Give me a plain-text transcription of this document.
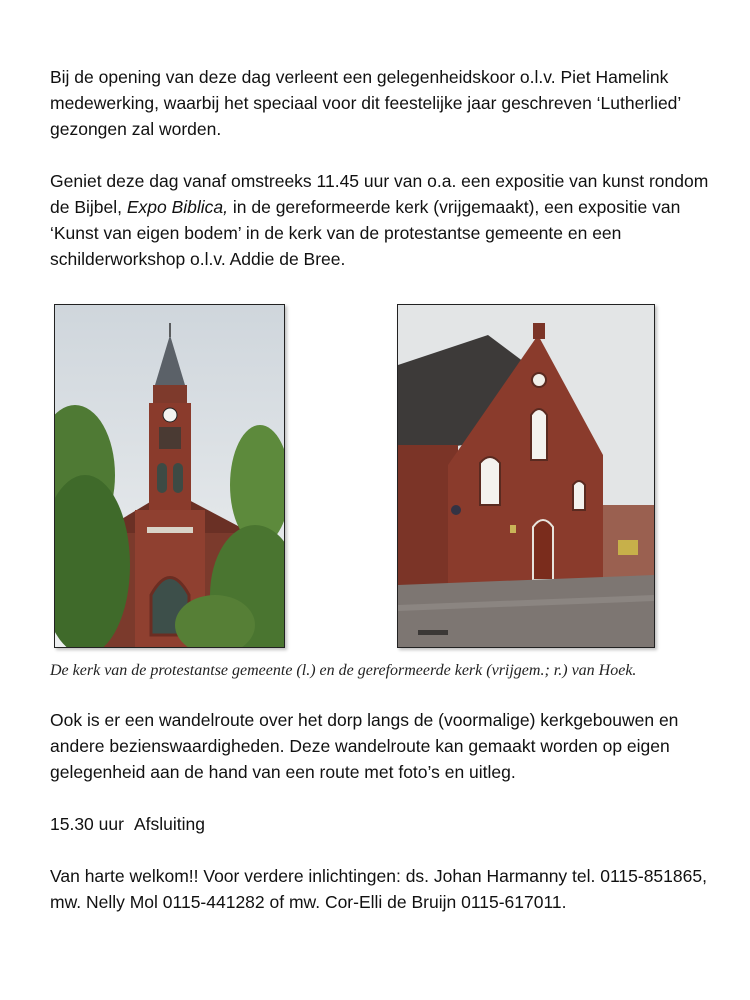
Bij de opening van deze dag verleent een gelegenheidskoor o.l.v. Piet Hamelink medewerking, waarbij het speciaal voor dit feestelijke jaar geschreven ‘Lutherlied’ gezongen zal worden.

Geniet deze dag vanaf omstreeks 11.45 uur van o.a. een expositie van kunst rondom de Bijbel, Expo Biblica, in de gereformeerde kerk (vrijgemaakt), een expositie van ‘Kunst van eigen bodem’ in de kerk van de protestantse gemeente en een schilderworkshop o.l.v. Addie de Bree.

De kerk van de protestantse gemeente (l.) en de gereformeerde kerk (vrijgem.; r.) van Hoek.

Ook is er een wandelroute over het dorp langs de (voormalige) kerkgebouwen en andere bezienswaardigheden. Deze wandelroute kan gemaakt worden op eigen gelegenheid aan de hand van een route met foto’s en uitleg.

15.30 uur Afsluiting

Van harte welkom!! Voor verdere inlichtingen: ds. Johan Harmanny tel. 0115-851865, mw. Nelly Mol 0115-441282 of mw. Cor-Elli de Bruijn 0115-617011.
